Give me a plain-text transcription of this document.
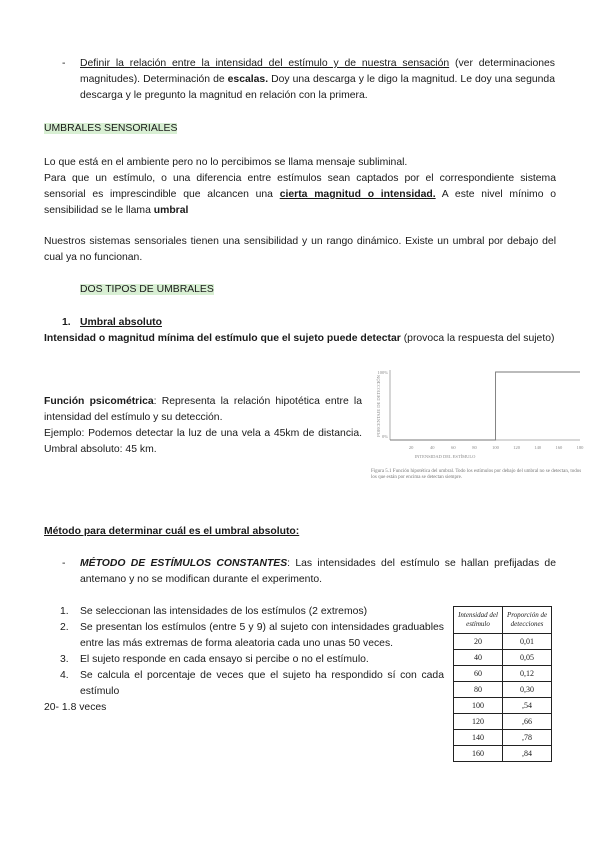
- Definir la relación entre la intensidad del estímulo y de nuestra sensación (ver determinaciones magnitudes). Determinación de escalas. Doy una descarga y le digo la magnitud. Le doy una segunda descarga y le pregunto la magnitud en relación con la primera.

UMBRALES SENSORIALES

Lo que está en el ambiente pero no lo percibimos se llama mensaje subliminal.

Para que un estímulo, o una diferencia entre estímulos sean captados por el correspondiente sistema sensorial es imprescindible que alcancen una cierta magnitud o intensidad. A este nivel mínimo o sensibilidad se le llama umbral

Nuestros sistemas sensoriales tienen una sensibilidad y un rango dinámico. Existe un umbral por debajo del cual ya no funcionan.

DOS TIPOS DE UMBRALES

1. Umbral absoluto

Intensidad o magnitud mínima del estímulo que el sujeto puede detectar (provoca la respuesta del sujeto)

Función psicométrica: Representa la relación hipotética entre la intensidad del estímulo y su detección.

Ejemplo: Podemos detectar la luz de una vela a 45km de distancia. Umbral absoluto: 45 km.	20	40	60	80	100	120	140	160	180
100%
0%
INTENSIDAD DEL ESTÍMULO
PORCENTAJE DE DETECCIÓN
Figura 5.1 Función hipotética del umbral. Todo los estímulos por debajo del umbral no se detectan, todos los que están por encima se detectan siempre.

Método para determinar cuál es el umbral absoluto:

- MÉTODO DE ESTÍMULOS CONSTANTES: Las intensidades del estímulo se hallan prefijadas de antemano y no se modifican durante el experimento.

1. Se seleccionan las intensidades de los estímulos (2 extremos)
2. Se presentan los estímulos (entre 5 y 9) al sujeto con intensidades graduables entre las más extremas de forma aleatoria cada uno unas 50 veces.
3. El sujeto responde en cada ensayo si percibe o no el estímulo.
4. Se calcula el porcentaje de veces que el sujeto ha respondido sí con cada estímulo

20- 1.8 veces

Intensidad del estímulo	Proporción de detecciones
20	0,01
40	0,05
60	0,12
80	0,30
100	,54
120	,66
140	,78
160	,84
